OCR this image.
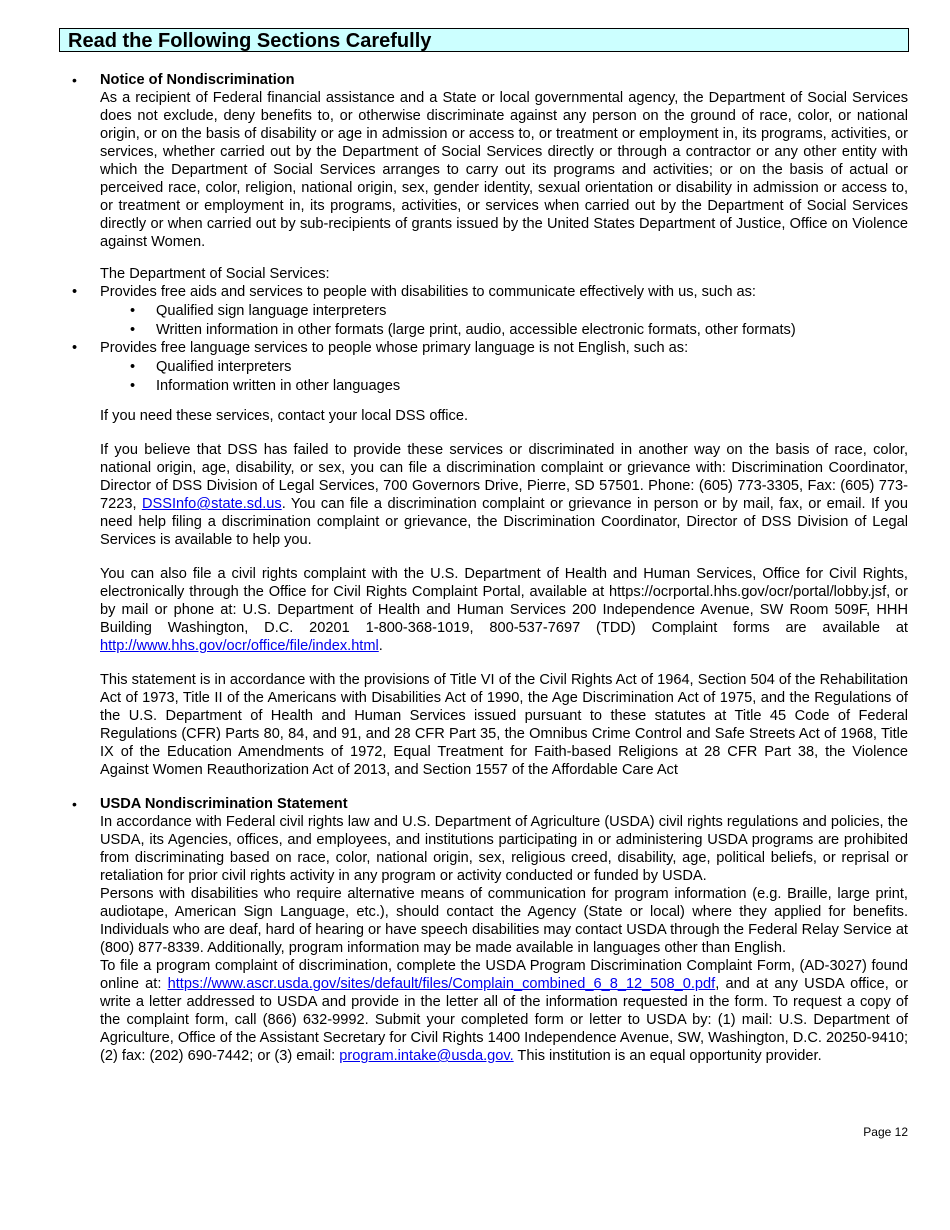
Read the Following Sections Carefully
• Notice of Nondiscrimination

As a recipient of Federal financial assistance and a State or local governmental agency, the Department of Social Services does not exclude, deny benefits to, or otherwise discriminate against any person on the ground of race, color, or national origin, or on the basis of disability or age in admission or access to, or treatment or employment in, its programs, activities, or services, whether carried out by the Department of Social Services directly or through a contractor or any other entity with which the Department of Social Services arranges to carry out its programs and activities; or on the basis of actual or perceived race, color, religion, national origin, sex, gender identity, sexual orientation or disability in admission or access to, or treatment or employment in, its programs, activities, or services when carried out by the Department of Social Services directly or when carried out by sub-recipients of grants issued by the United States Department of Justice, Office on Violence against Women.

The Department of Social Services:

• Provides free aids and services to people with disabilities to communicate effectively with us, such as:
• Qualified sign language interpreters
• Written information in other formats (large print, audio, accessible electronic formats, other formats)
• Provides free language services to people whose primary language is not English, such as:
• Qualified interpreters
• Information written in other languages

If you need these services, contact your local DSS office.

If you believe that DSS has failed to provide these services or discriminated in another way on the basis of race, color, national origin, age, disability, or sex, you can file a discrimination complaint or grievance with: Discrimination Coordinator, Director of DSS Division of Legal Services, 700 Governors Drive, Pierre, SD 57501. Phone: (605) 773-3305, Fax: (605) 773-7223, DSSInfo@state.sd.us. You can file a discrimination complaint or grievance in person or by mail, fax, or email. If you need help filing a discrimination complaint or grievance, the Discrimination Coordinator, Director of DSS Division of Legal Services is available to help you.

You can also file a civil rights complaint with the U.S. Department of Health and Human Services, Office for Civil Rights, electronically through the Office for Civil Rights Complaint Portal, available at https://ocrportal.hhs.gov/ocr/portal/lobby.jsf, or by mail or phone at: U.S. Department of Health and Human Services 200 Independence Avenue, SW Room 509F, HHH Building Washington, D.C. 20201 1-800-368-1019, 800-537-7697 (TDD) Complaint forms are available at http://www.hhs.gov/ocr/office/file/index.html.

This statement is in accordance with the provisions of Title VI of the Civil Rights Act of 1964, Section 504 of the Rehabilitation Act of 1973, Title II of the Americans with Disabilities Act of 1990, the Age Discrimination Act of 1975, and the Regulations of the U.S. Department of Health and Human Services issued pursuant to these statutes at Title 45 Code of Federal Regulations (CFR) Parts 80, 84, and 91, and 28 CFR Part 35, the Omnibus Crime Control and Safe Streets Act of 1968, Title IX of the Education Amendments of 1972, Equal Treatment for Faith-based Religions at 28 CFR Part 38, the Violence Against Women Reauthorization Act of 2013, and Section 1557 of the Affordable Care Act

• USDA Nondiscrimination Statement

In accordance with Federal civil rights law and U.S. Department of Agriculture (USDA) civil rights regulations and policies, the USDA, its Agencies, offices, and employees, and institutions participating in or administering USDA programs are prohibited from discriminating based on race, color, national origin, sex, religious creed, disability, age, political beliefs, or reprisal or retaliation for prior civil rights activity in any program or activity conducted or funded by USDA.

Persons with disabilities who require alternative means of communication for program information (e.g. Braille, large print, audiotape, American Sign Language, etc.), should contact the Agency (State or local) where they applied for benefits. Individuals who are deaf, hard of hearing or have speech disabilities may contact USDA through the Federal Relay Service at (800) 877-8339. Additionally, program information may be made available in languages other than English.

To file a program complaint of discrimination, complete the USDA Program Discrimination Complaint Form, (AD-3027) found online at: https://www.ascr.usda.gov/sites/default/files/Complain_combined_6_8_12_508_0.pdf, and at any USDA office, or write a letter addressed to USDA and provide in the letter all of the information requested in the form. To request a copy of the complaint form, call (866) 632-9992. Submit your completed form or letter to USDA by: (1) mail: U.S. Department of Agriculture, Office of the Assistant Secretary for Civil Rights 1400 Independence Avenue, SW, Washington, D.C. 20250-9410; (2) fax: (202) 690-7442; or (3) email: program.intake@usda.gov. This institution is an equal opportunity provider.

Page 12
